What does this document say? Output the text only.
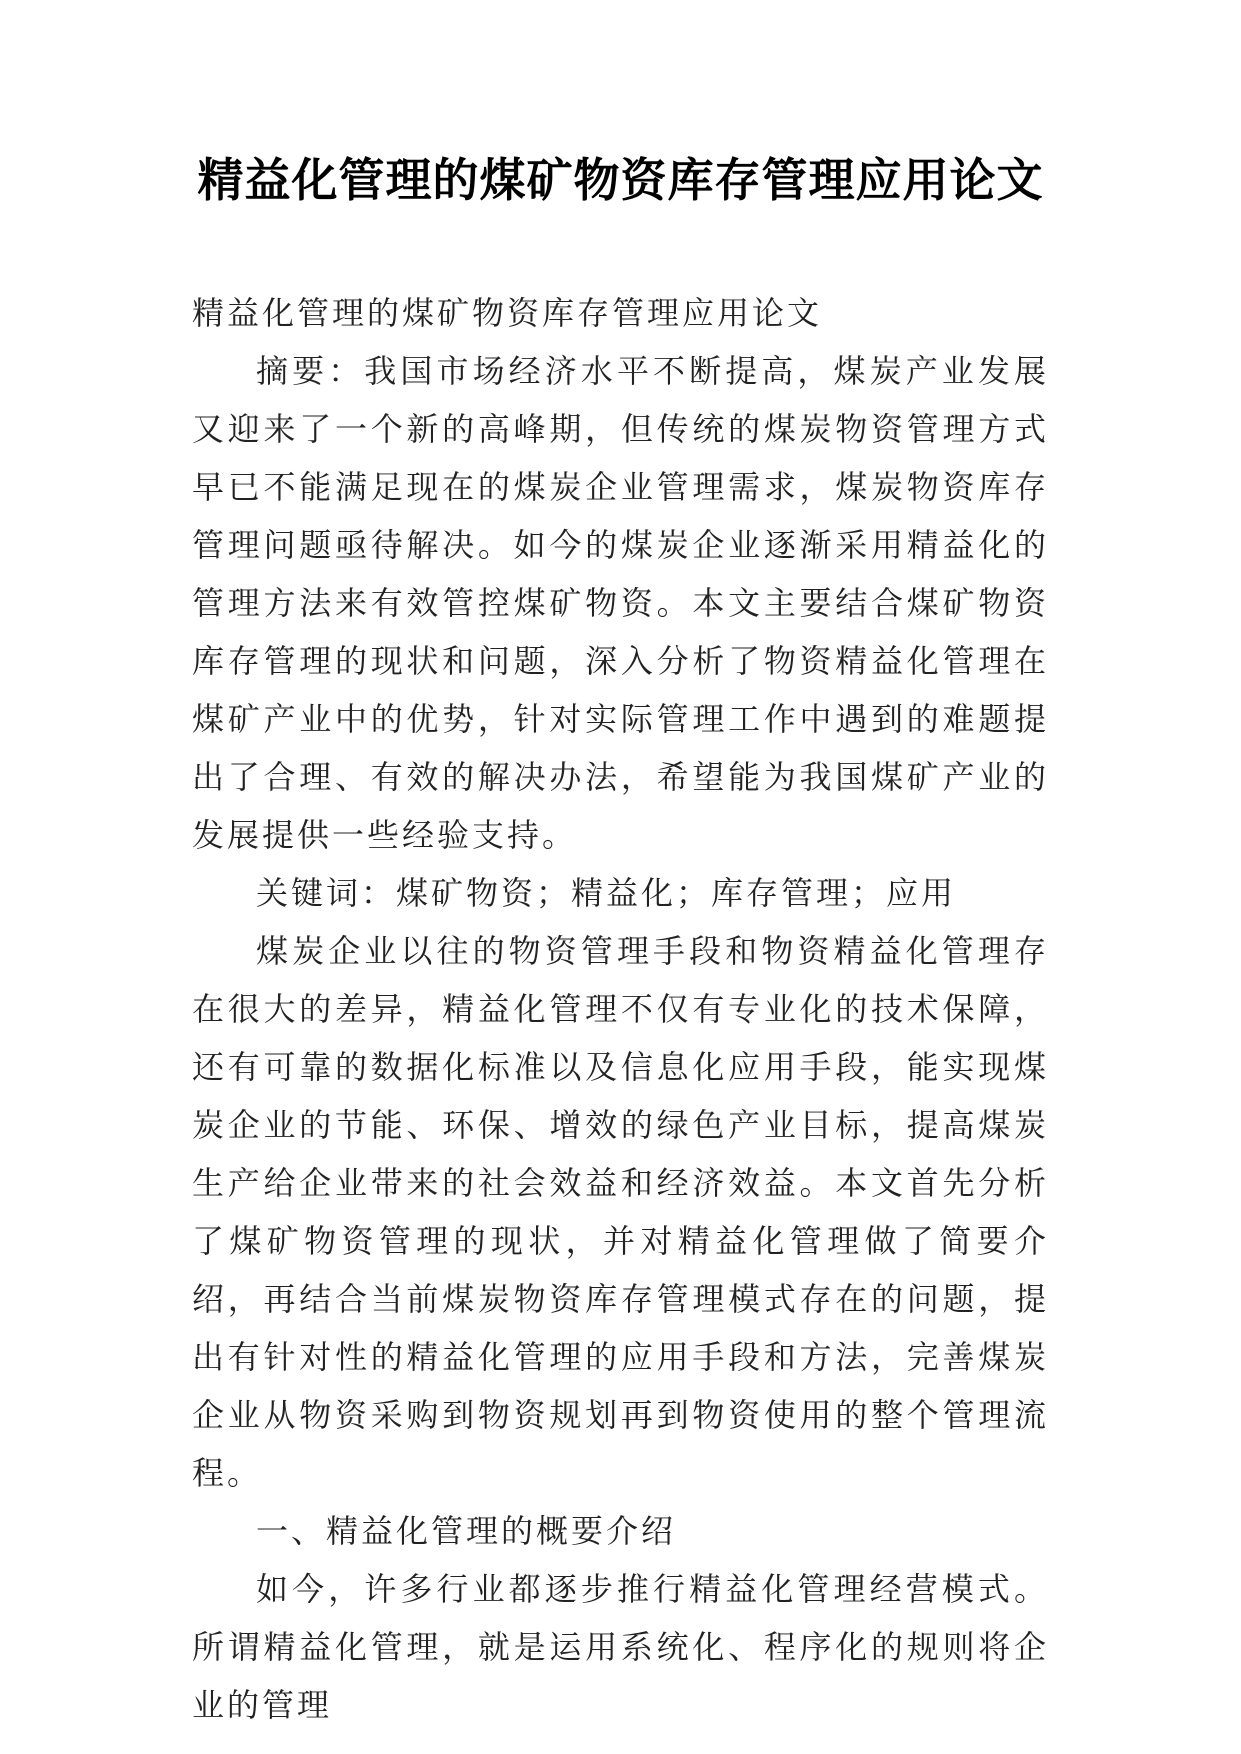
精益化管理的煤矿物资库存管理应用论文

精益化管理的煤矿物资库存管理应用论文

摘要：我国市场经济水平不断提高，煤炭产业发展又迎来了一个新的高峰期，但传统的煤炭物资管理方式早已不能满足现在的煤炭企业管理需求，煤炭物资库存管理问题亟待解决。如今的煤炭企业逐渐采用精益化的管理方法来有效管控煤矿物资。本文主要结合煤矿物资库存管理的现状和问题，深入分析了物资精益化管理在煤矿产业中的优势，针对实际管理工作中遇到的难题提出了合理、有效的解决办法，希望能为我国煤矿产业的发展提供一些经验支持。

关键词：煤矿物资；精益化；库存管理；应用

煤炭企业以往的物资管理手段和物资精益化管理存在很大的差异，精益化管理不仅有专业化的技术保障，还有可靠的数据化标准以及信息化应用手段，能实现煤炭企业的节能、环保、增效的绿色产业目标，提高煤炭生产给企业带来的社会效益和经济效益。本文首先分析了煤矿物资管理的现状，并对精益化管理做了简要介绍，再结合当前煤炭物资库存管理模式存在的问题，提出有针对性的精益化管理的应用手段和方法，完善煤炭企业从物资采购到物资规划再到物资使用的整个管理流程。

一、精益化管理的概要介绍

如今，许多行业都逐步推行精益化管理经营模式。所谓精益化管理，就是运用系统化、程序化的规则将企业的管理
